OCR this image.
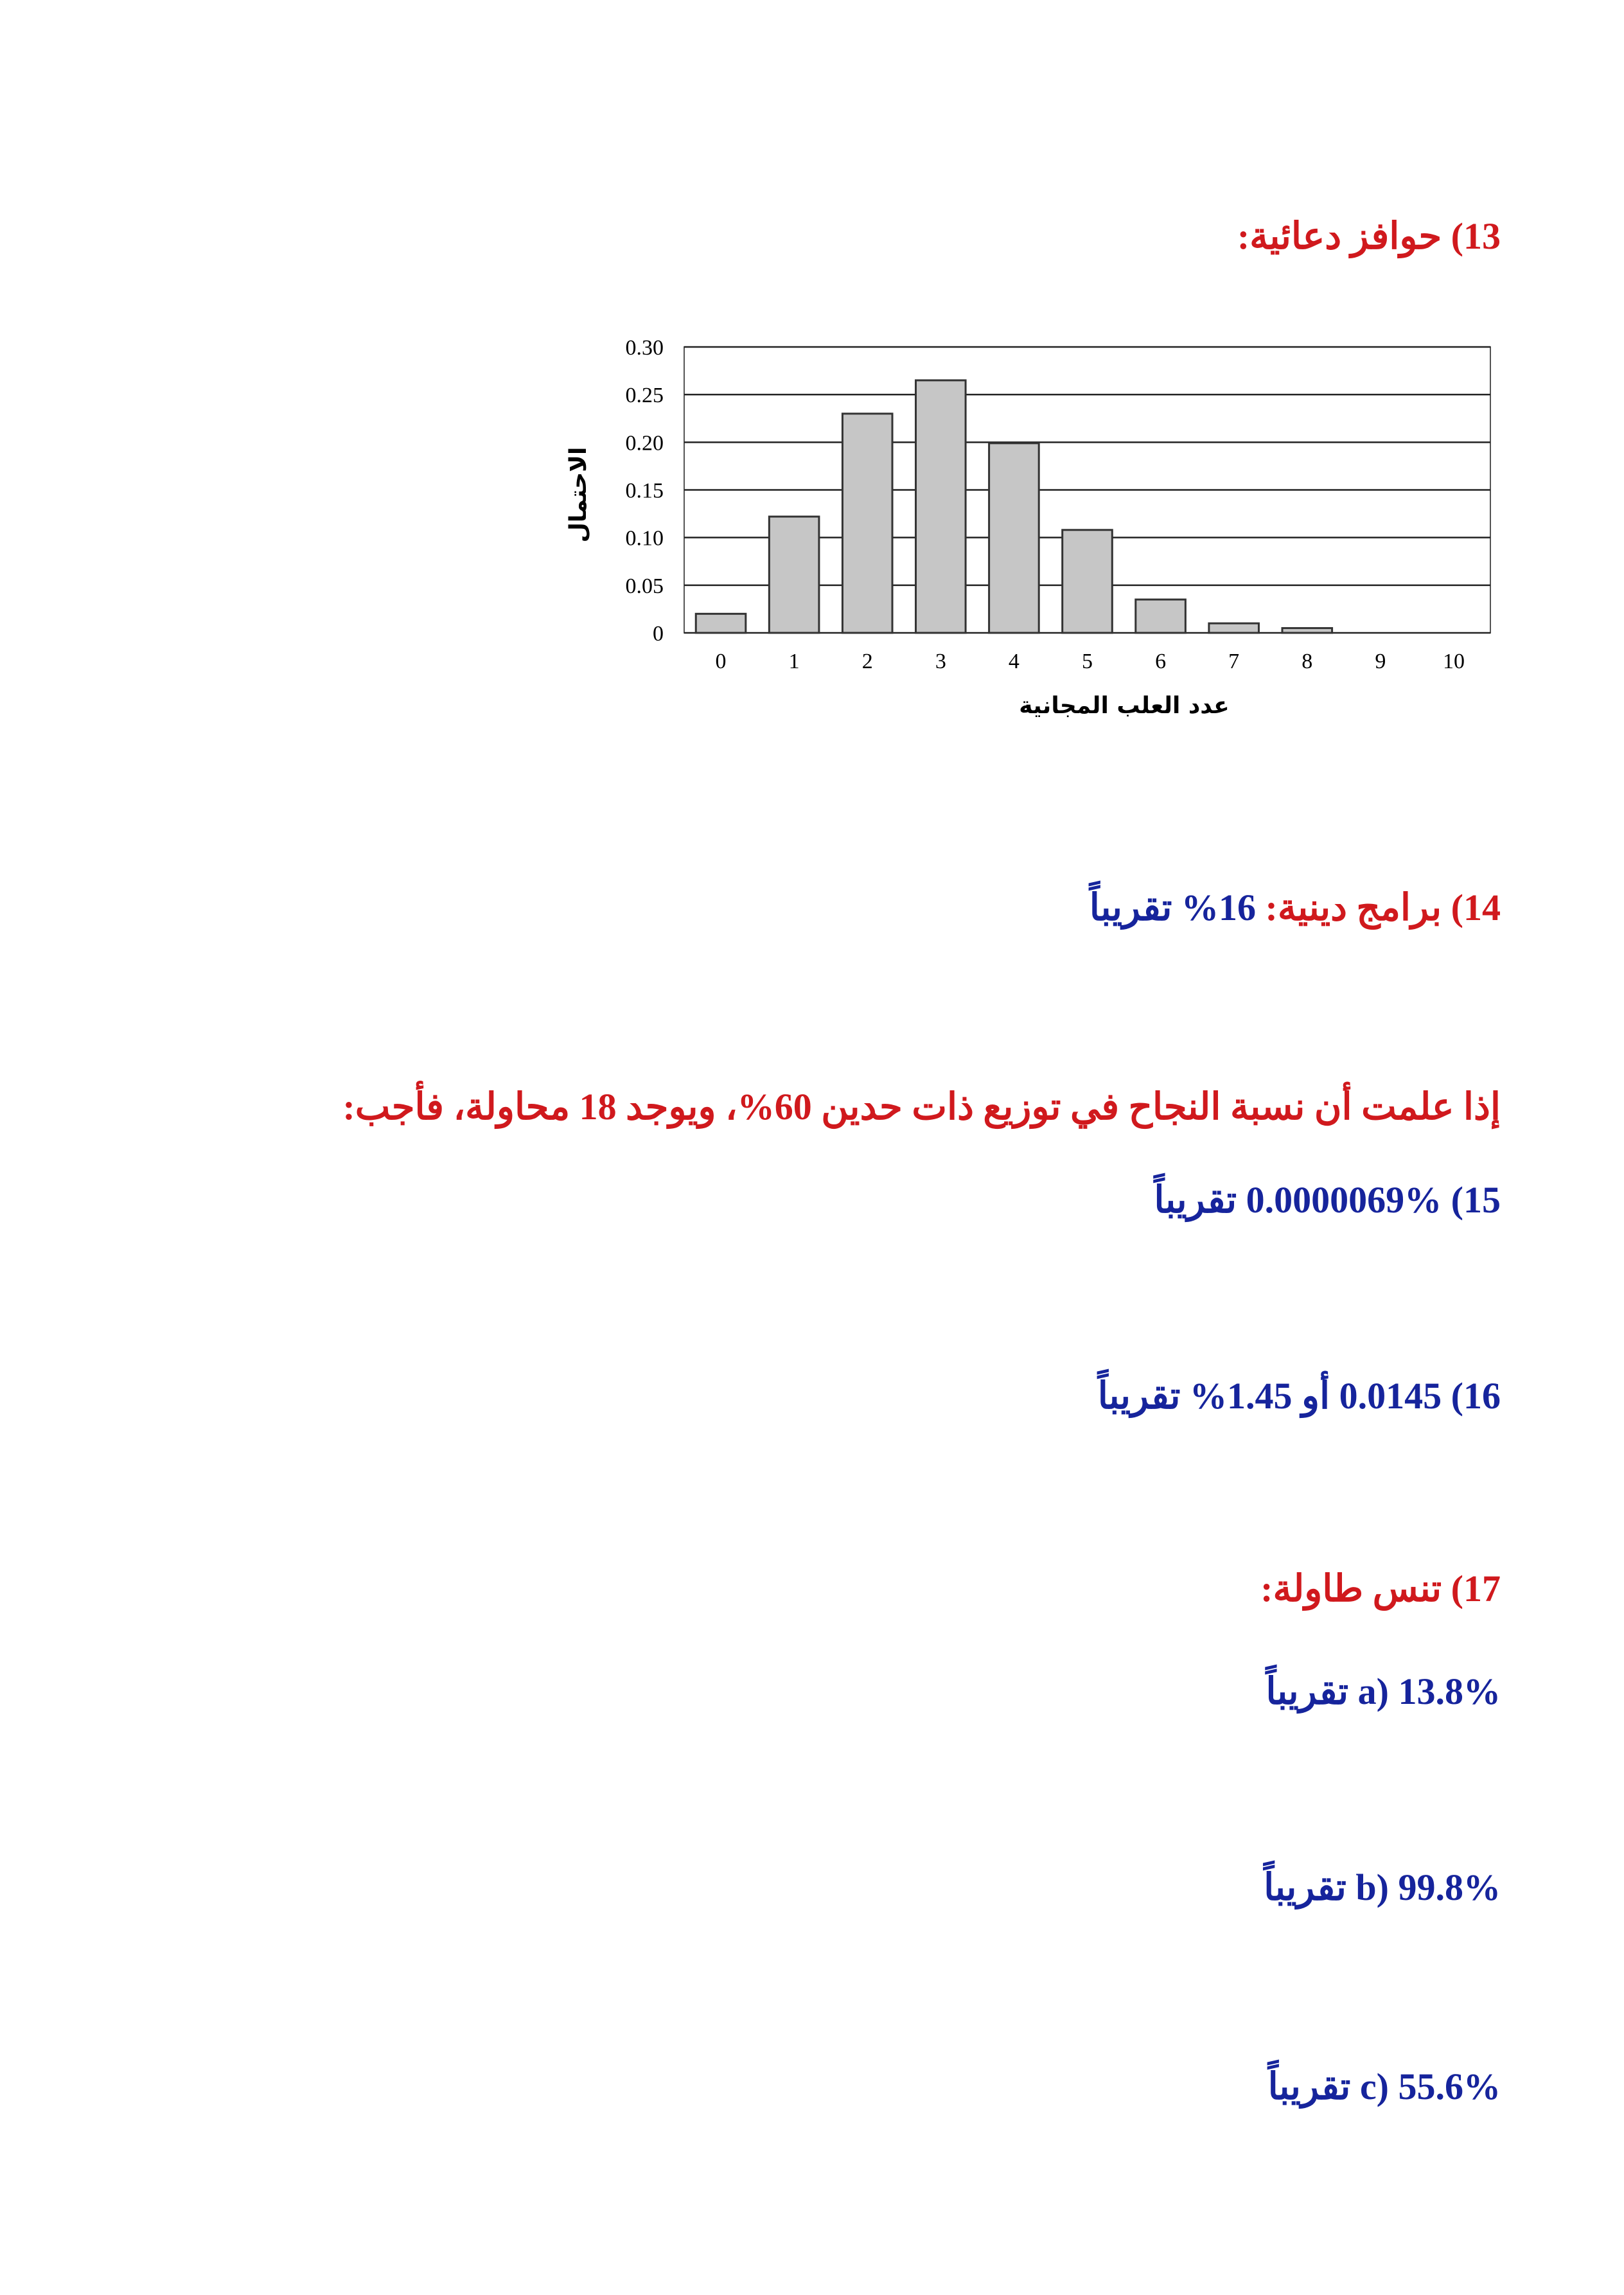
13) حوافز دعائية:
0
0.05
0.10
0.15
0.20
0.25
0.30
0	1	2	3	4	5	6	7	8	9	10
عدد العلب المجانية
الاحتمال
14) برامج دينية: 16% تقريباً
إذا علمت أن نسبة النجاح في توزيع ذات حدين 60%، ويوجد 18 محاولة، فأجب:
15) 0.0000069% تقريباً
16) 0.0145 أو 1.45% تقريباً
17) تنس طاولة:
a) 13.8% تقريباً
b) 99.8% تقريباً
c) 55.6% تقريباً
